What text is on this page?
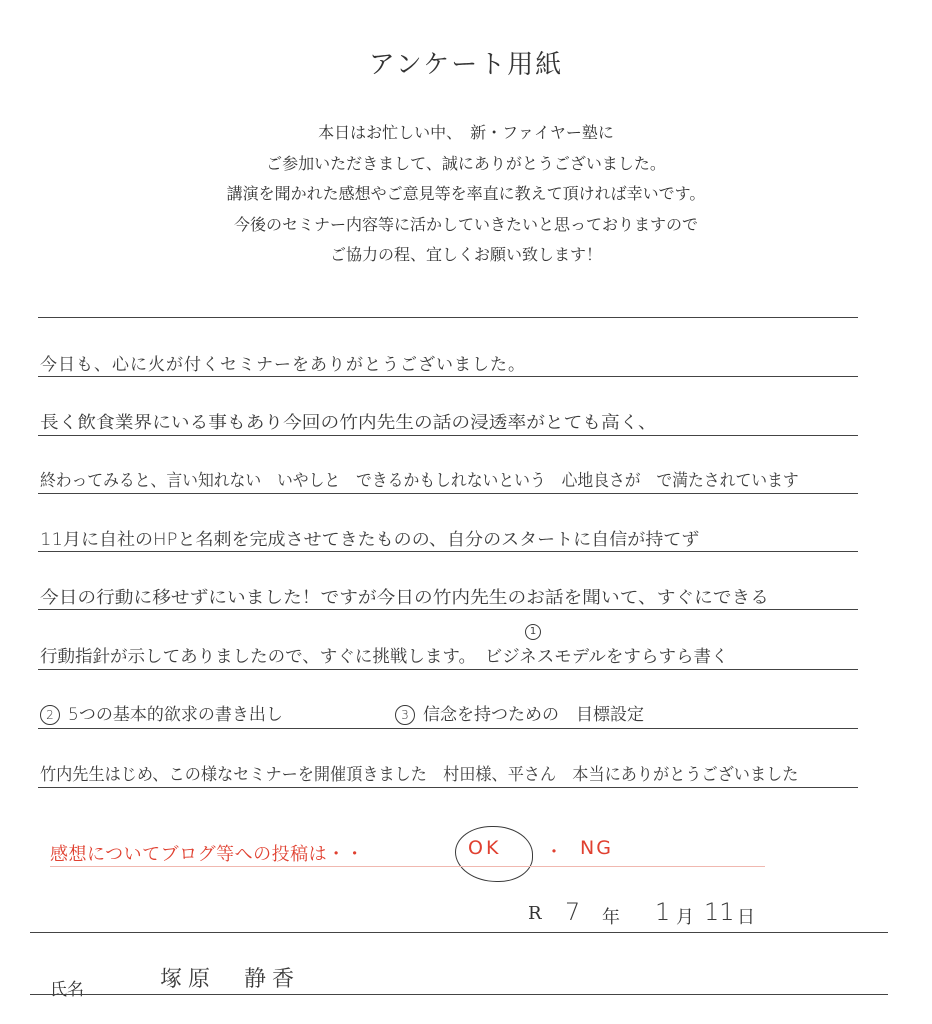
アンケート用紙
本日はお忙しい中、　新・ファイヤー塾に
ご参加いただきまして、誠にありがとうございました。
講演を聞かれた感想やご意見等を率直に教えて頂ければ幸いです。
今後のセミナー内容等に活かしていきたいと思っておりますので
ご協力の程、宜しくお願い致します！
今日も、心に火が付くセミナーをありがとうございました。
長く飲食業界にいる事もあり今回の竹内先生の話の浸透率がとても高く、
終わってみると、言い知れない　いやしと　できるかもしれないという　心地良さが　で満たされています
11月に自社のHPと名刺を完成させてきたものの、自分のスタートに自信が持てず
今日の行動に移せずにいました！ですが今日の竹内先生のお話を聞いて、すぐにできる
行動指針が示してありましたので、すぐに挑戦します。　ビジネスモデルをすらすら書く
1
2 5つの基本的欲求の書き出し	3 信念を持つための　目標設定
竹内先生はじめ、この様なセミナーを開催頂きました　村田様、平さん　本当にありがとうございました
感想についてブログ等への投稿は・・	OK ・ NG
R 7 年 1 月 11 日
氏名	塚原　静香
